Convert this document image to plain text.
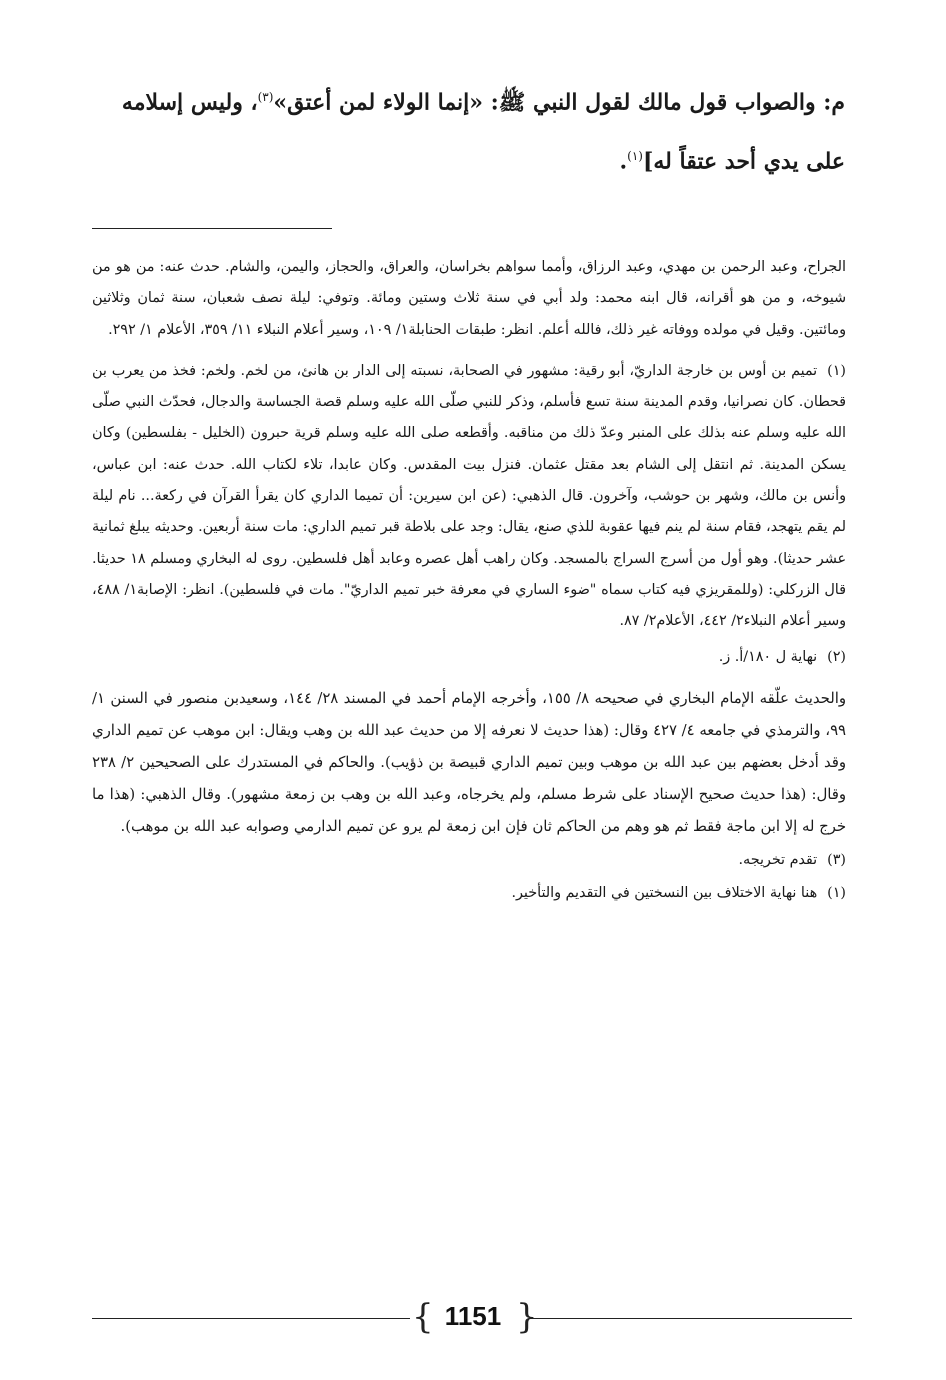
م: والصواب قول مالك لقول النبي ﷺ: «إنما الولاء لمن أعتق»$^{(٣)}$، وليس إسلامه
على يدي أحد عتقاً له]$^{(١)}$.

الجراح، وعبد الرحمن بن مهدي، وعبد الرزاق، وأمما سواهم بخراسان، والعراق، والحجاز، واليمن، والشام. حدث عنه: من هو من شيوخه، و من هو أقرانه، قال ابنه محمد: ولد أبي في سنة ثلاث وستين ومائة. وتوفي: ليلة نصف شعبان، سنة ثمان وثلاثين ومائتين. وقيل في مولده ووفاته غير ذلك، فالله أعلم. انظر: طبقات الحنابلة١/ ١٠٩، وسير أعلام النبلاء ١١/ ٣٥٩، الأعلام ١/ ٢٩٢.

(١)تميم بن أوس بن خارجة الداريّ، أبو رقية: مشهور في الصحابة، نسبته إلى الدار بن هانئ، من لخم. ولخم: فخذ من يعرب بن قحطان. كان نصرانيا، وقدم المدينة سنة تسع فأسلم، وذكر للنبي صلّى الله عليه وسلم قصة الجساسة والدجال، فحدّث النبي صلّى الله عليه وسلم عنه بذلك على المنبر وعدّ ذلك من مناقبه. وأقطعه صلى الله عليه وسلم قرية حبرون (الخليل - بفلسطين) وكان يسكن المدينة. ثم انتقل إلى الشام بعد مقتل عثمان. فنزل بيت المقدس. وكان عابدا، تلاء لكتاب الله. حدث عنه: ابن عباس، وأنس بن مالك، وشهر بن حوشب، وآخرون. قال الذهبي: (عن ابن سيرين: أن تميما الداري كان يقرأ القرآن في ركعة... نام ليلة لم يقم يتهجد، فقام سنة لم ينم فيها عقوبة للذي صنع، يقال: وجد على بلاطة قبر تميم الداري: مات سنة أربعين. وحديثه يبلغ ثمانية عشر حديثا). وهو أول من أسرج السراج بالمسجد. وكان راهب أهل عصره وعابد أهل فلسطين. روى له البخاري ومسلم ١٨ حديثا. قال الزركلي: (وللمقريزي فيه كتاب سماه "ضوء الساري في معرفة خبر تميم الداريّ". مات في فلسطين). انظر: الإصابة١/ ٤٨٨، وسير أعلام النبلاء٢/ ٤٤٢، الأعلام٢/ ٨٧.

(٢)نهاية ل ١٨٠/أ. ز.

والحديث علّقه الإمام البخاري في صحيحه ٨/ ١٥٥، وأخرجه الإمام أحمد في المسند ٢٨/ ١٤٤، وسعيدبن منصور في السنن ١/ ٩٩، والترمذي في جامعه ٤/ ٤٢٧ وقال: (هذا حديث لا نعرفه إلا من حديث عبد الله بن وهب ويقال: ابن موهب عن تميم الداري وقد أدخل بعضهم بين عبد الله بن موهب وبين تميم الداري قبيصة بن ذؤيب). والحاكم في المستدرك على الصحيحين ٢/ ٢٣٨ وقال: (هذا حديث صحيح الإسناد على شرط مسلم، ولم يخرجاه، وعبد الله بن وهب بن زمعة مشهور). وقال الذهبي: (هذا ما خرج له إلا ابن ماجة فقط ثم هو وهم من الحاكم ثان فإن ابن زمعة لم يرو عن تميم الدارمي وصوابه عبد الله بن موهب).

(٣)تقدم تخريجه.

(١)هنا نهاية الاختلاف بين النسختين في التقديم والتأخير.

{ 1151 }
